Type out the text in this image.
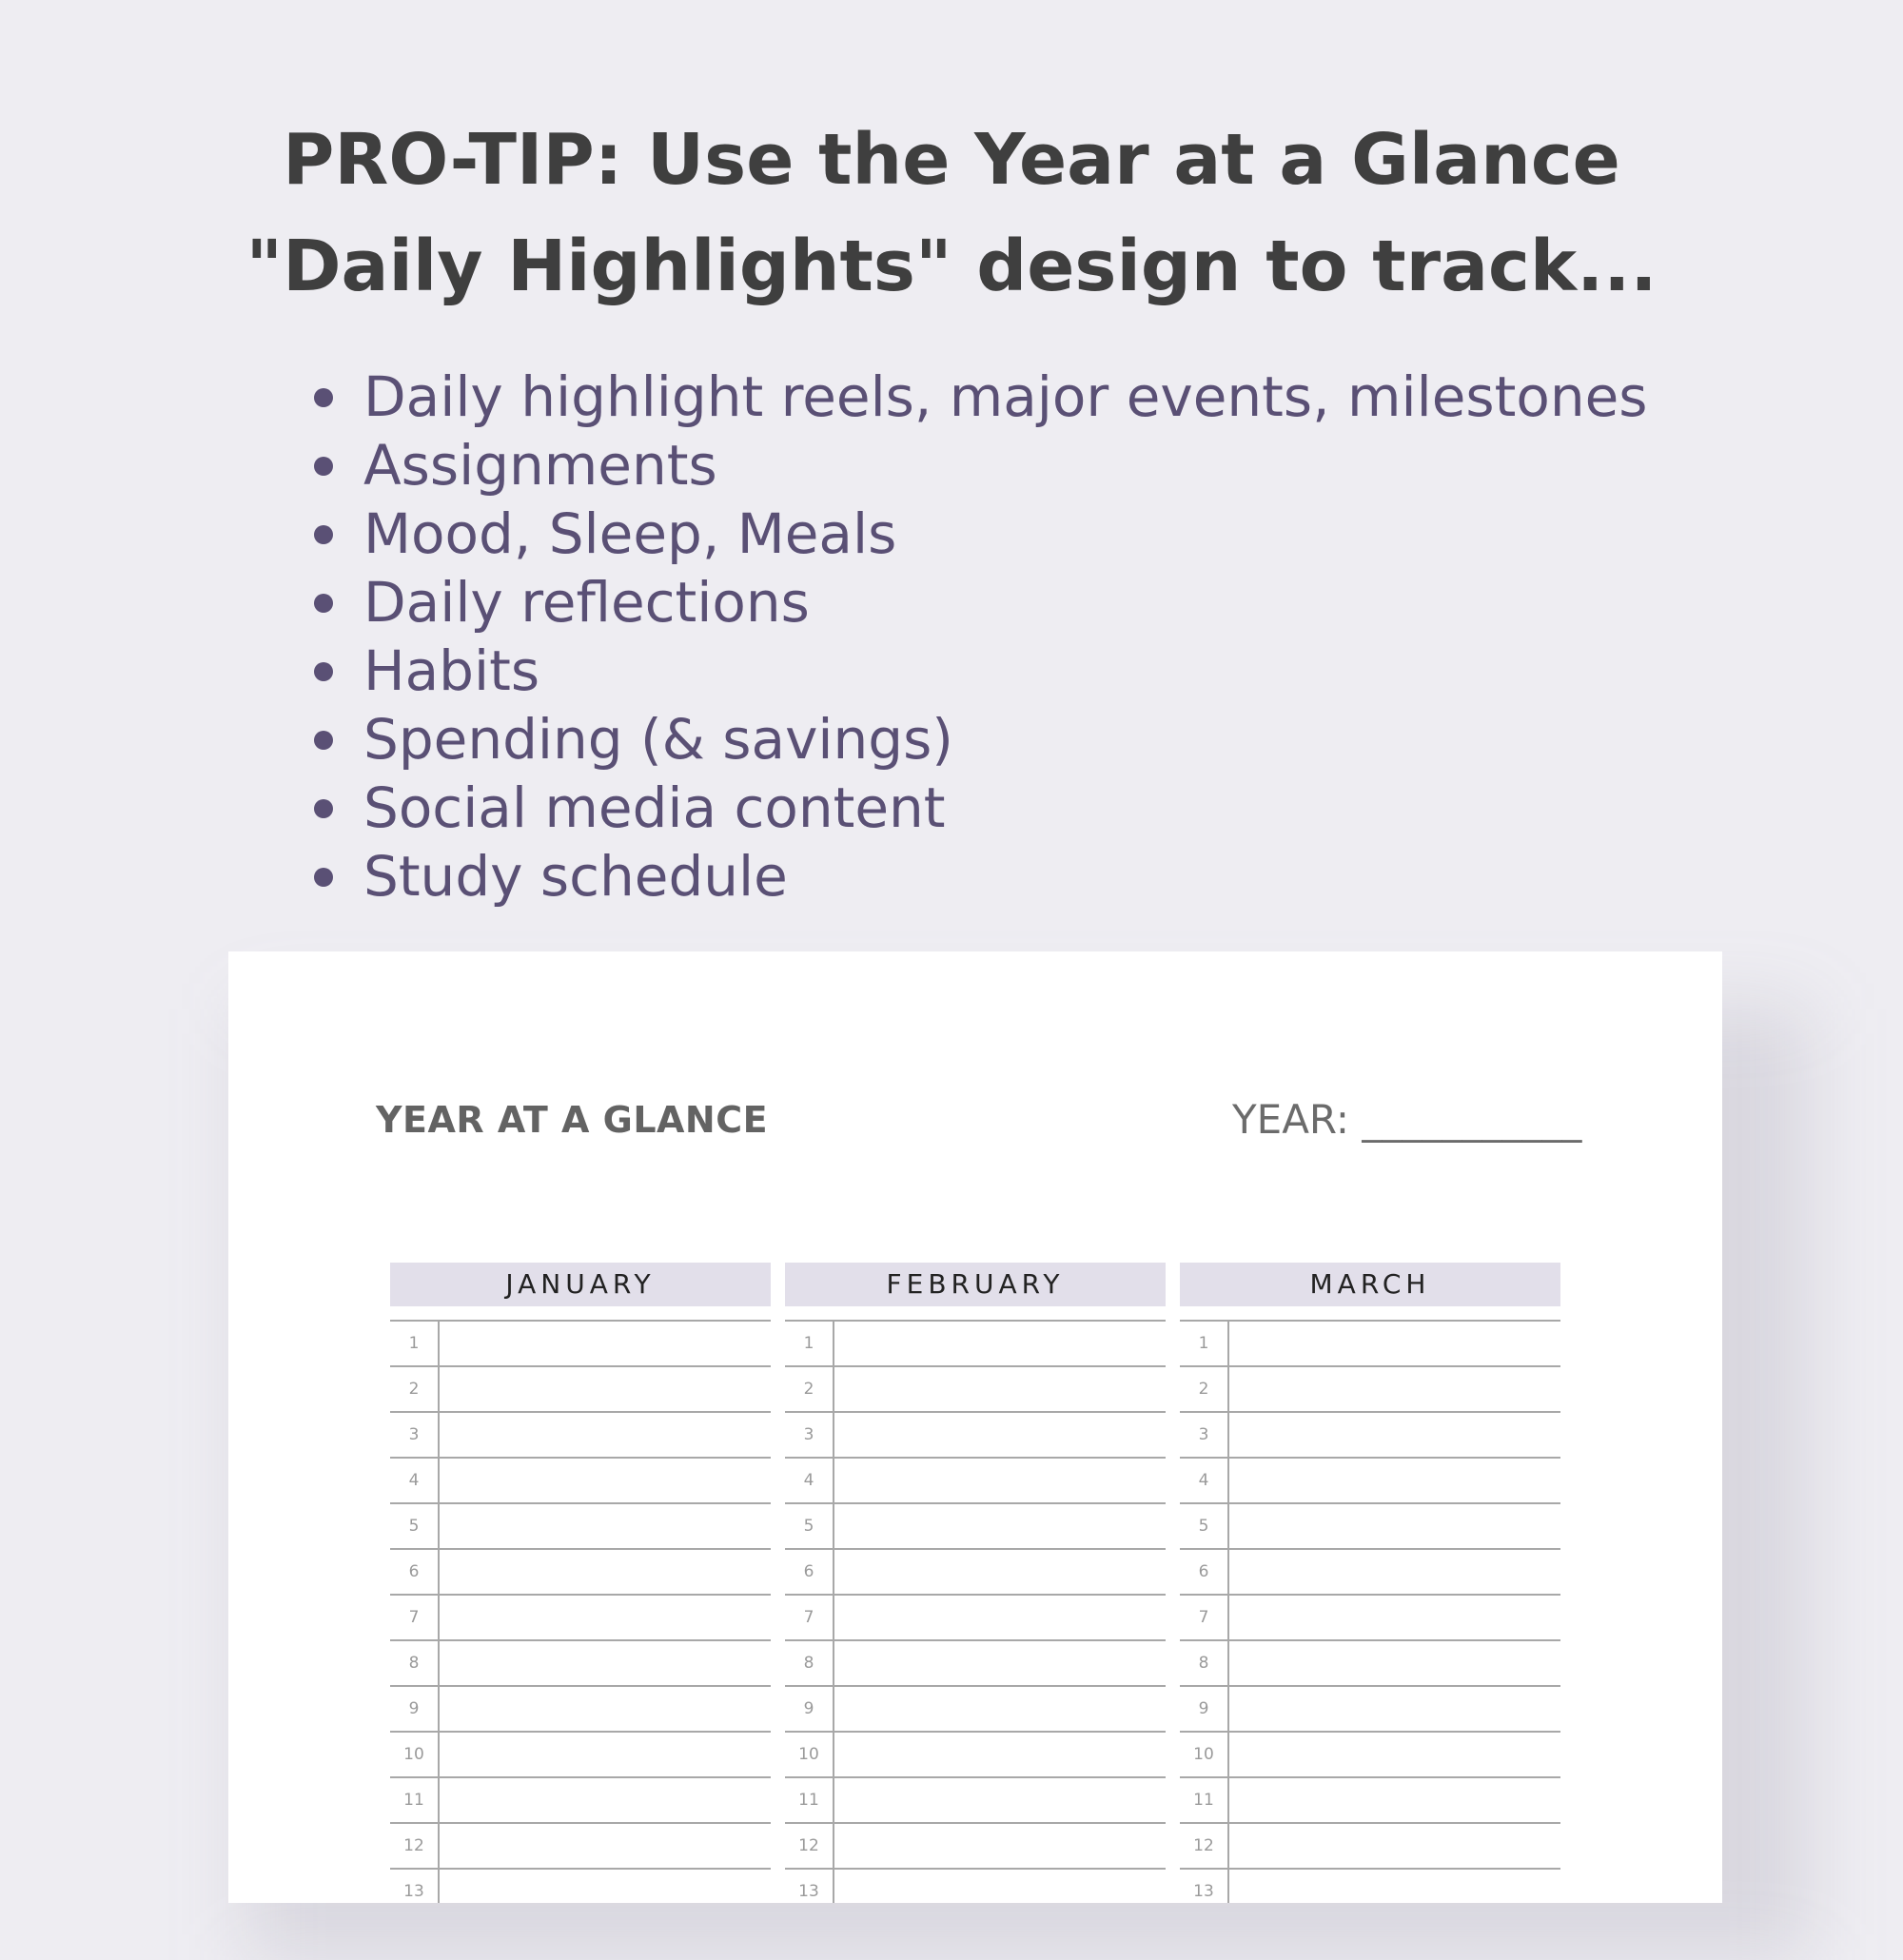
PRO-TIP: Use the Year at a Glance
"Daily Highlights" design to track...
Daily highlight reels, major events, milestones
Assignments
Mood, Sleep, Meals
Daily reflections
Habits
Spending (& savings)
Social media content
Study schedule
YEAR AT A GLANCE	YEAR: ___________
JANUARY
1
2
3
4
5
6
7
8
9
10
11
12
13
FEBRUARY
1
2
3
4
5
6
7
8
9
10
11
12
13
MARCH
1
2
3
4
5
6
7
8
9
10
11
12
13
